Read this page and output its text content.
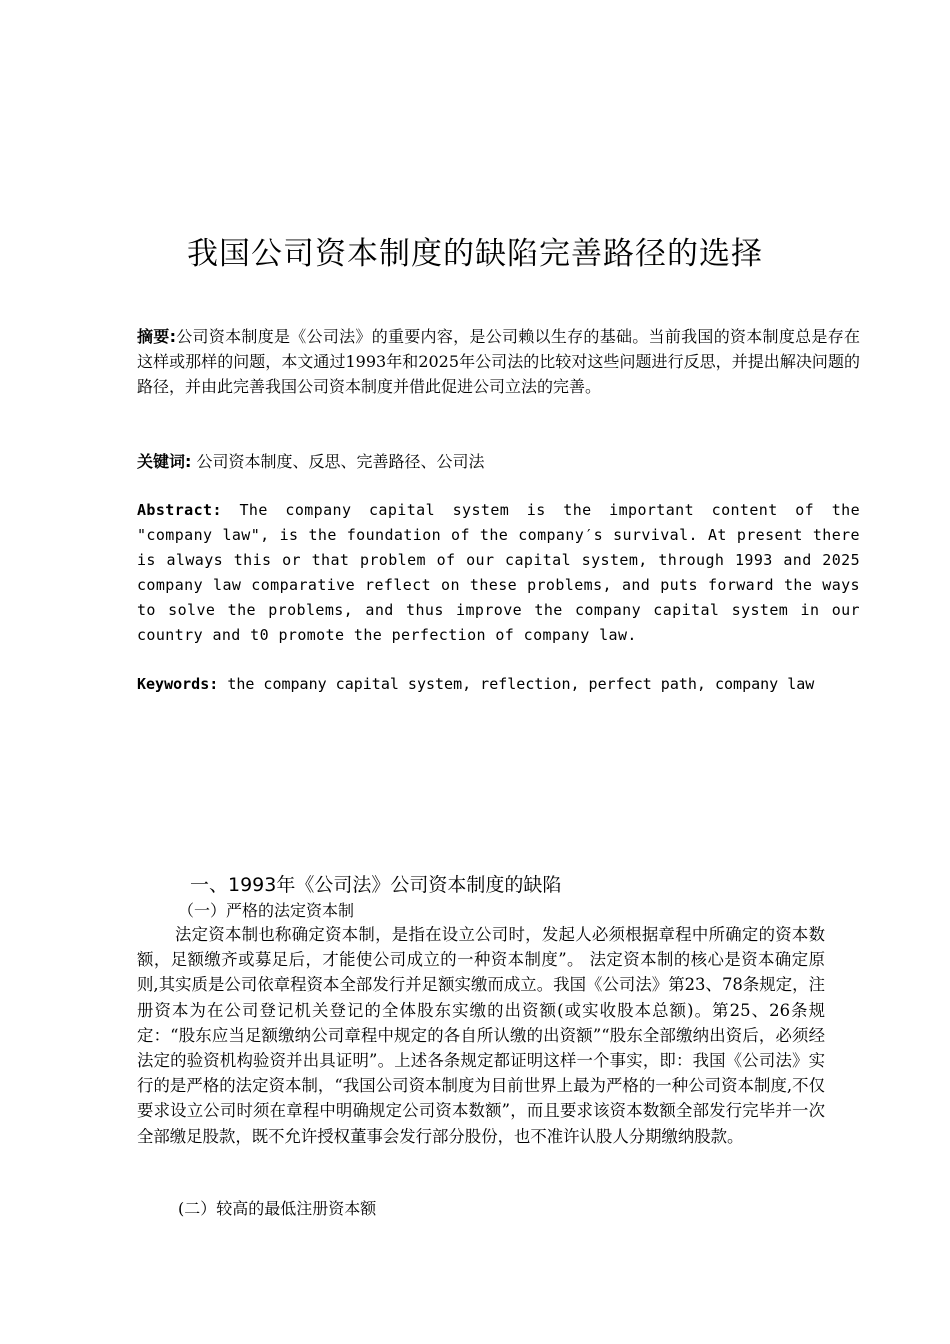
我国公司资本制度的缺陷完善路径的选择

摘要:公司资本制度是《公司法》的重要内容，是公司赖以生存的基础。当前我国的资本制度总是存在这样或那样的问题，本文通过1993年和2025年公司法的比较对这些问题进行反思，并提出解决问题的路径，并由此完善我国公司资本制度并借此促进公司立法的完善。

关键词: 公司资本制度、反思、完善路径、公司法

Abstract: The company capital system is the important content of the "company law", is the foundation of the company′s survival. At present there is always this or that problem of our capital system, through 1993 and 2025 company law comparative reflect on these problems, and puts forward the ways to solve the problems, and thus improve the company capital system in our country and t0 promote the perfection of company law.

Keywords: the company capital system, reflection, perfect path, company law

一、1993年《公司法》公司资本制度的缺陷
（一）严格的法定资本制

法定资本制也称确定资本制，是指在设立公司时，发起人必须根据章程中所确定的资本数额，足额缴齐或募足后，才能使公司成立的一种资本制度”。 法定资本制的核心是资本确定原则,其实质是公司依章程资本全部发行并足额实缴而成立。我国《公司法》第23、78条规定，注册资本为在公司登记机关登记的全体股东实缴的出资额(或实收股本总额)。第25、26条规定：“股东应当足额缴纳公司章程中规定的各自所认缴的出资额”“股东全部缴纳出资后，必须经法定的验资机构验资并出具证明”。上述各条规定都证明这样一个事实，即：我国《公司法》实行的是严格的法定资本制，“我国公司资本制度为目前世界上最为严格的一种公司资本制度,不仅要求设立公司时须在章程中明确规定公司资本数额”，而且要求该资本数额全部发行完毕并一次全部缴足股款，既不允许授权董事会发行部分股份，也不准许认股人分期缴纳股款。

(二）较高的最低注册资本额
